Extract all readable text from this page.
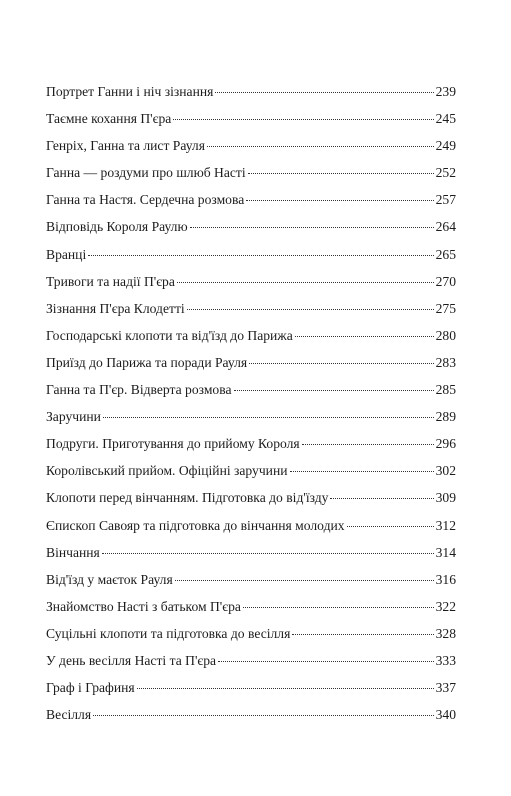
Портрет Ганни і ніч зізнання	239
Таємне кохання П'єра	245
Генріх, Ганна та лист Рауля	249
Ганна — роздуми про шлюб Насті	252
Ганна та Настя. Сердечна розмова	257
Відповідь Короля Раулю	264
Вранці	265
Тривоги та надії П'єра	270
Зізнання П'єра Клодетті	275
Господарські клопоти та від'їзд до Парижа	280
Приїзд до Парижа та поради Рауля	283
Ганна та П'єр. Відверта розмова	285
Заручини	289
Подруги. Приготування до прийому Короля	296
Королівський прийом. Офіційні заручини	302
Клопоти перед вінчанням. Підготовка до від'їзду	309
Єпископ Савояр та підготовка до вінчання молодих	312
Вінчання	314
Від'їзд у маєток Рауля	316
Знайомство Насті з батьком П'єра	322
Суцільні клопоти та підготовка до весілля	328
У день весілля Насті та П'єра	333
Граф і Графиня	337
Весілля	340
